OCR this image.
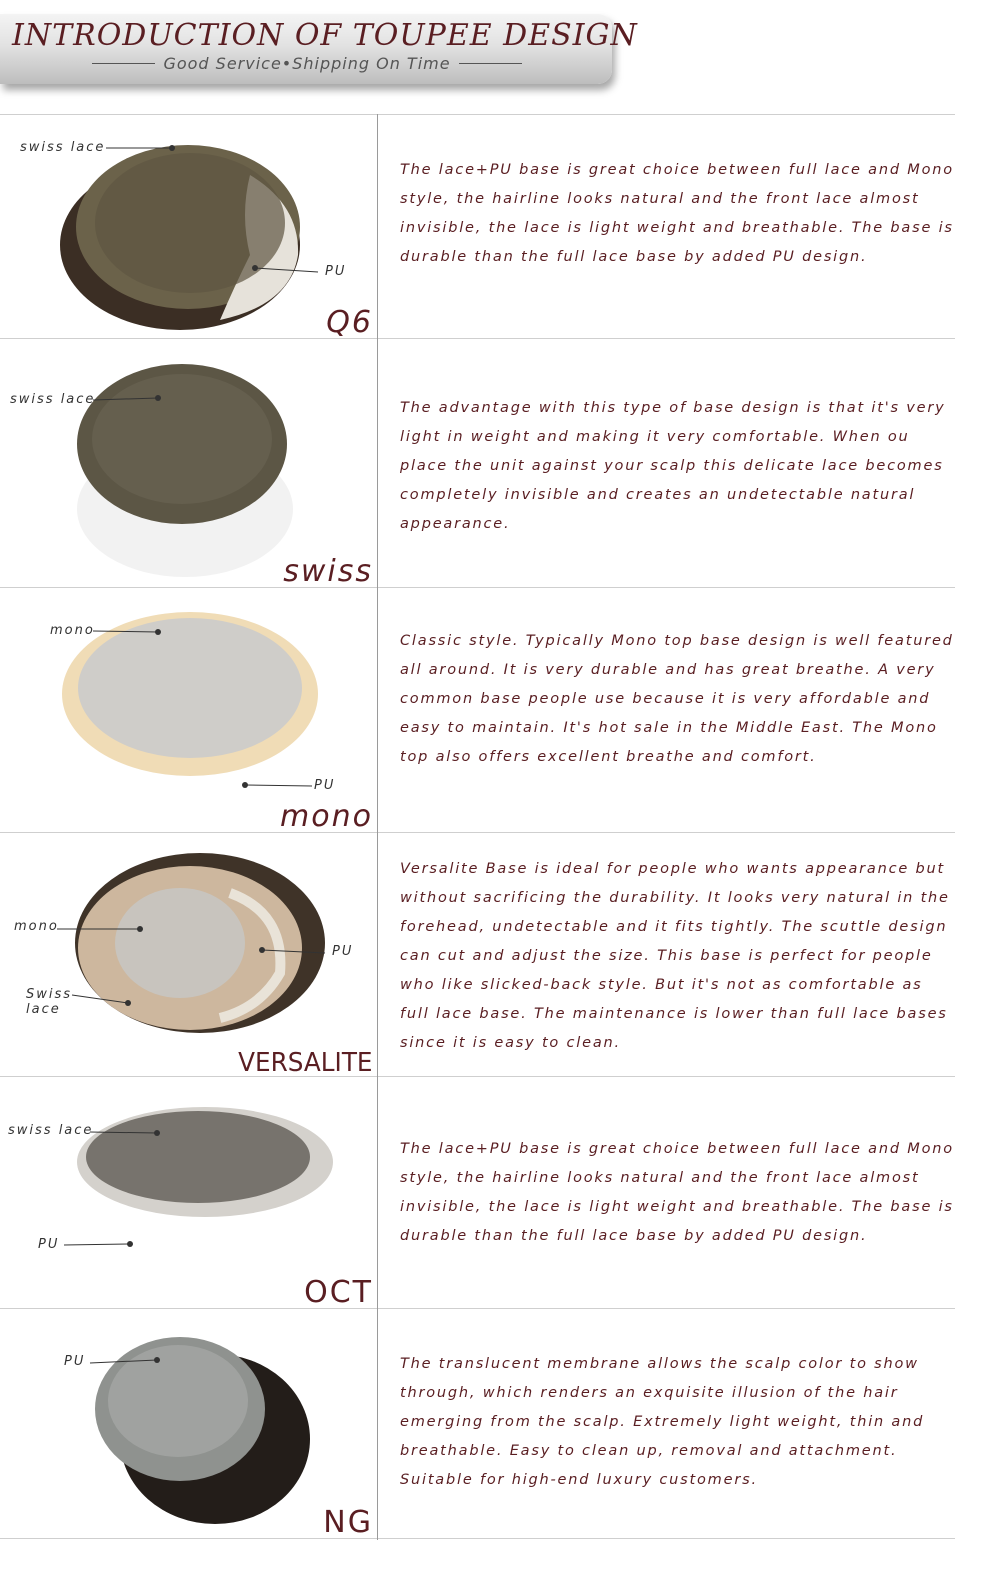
INTRODUCTION OF TOUPEE DESIGN
Good Service•Shipping On Time
swiss lace
PU
Q6

The lace+PU base is great choice between full lace and Mono style, the hairline looks natural and the front lace almost invisible, the lace is light weight and breathable. The base is durable than the full lace base by added PU design.

swiss lace
swiss

The advantage with this type of base design is that it's very light in weight and making it very comfortable. When ou place the unit against your scalp this delicate lace becomes completely invisible and creates an undetectable natural appearance.

mono
PU
mono

Classic style. Typically Mono top base design is well featured all around. It is very durable and has great breathe. A very common base people use because it is very affordable and easy to maintain. It's hot sale in the Middle East. The Mono top also offers excellent breathe and comfort.

mono
PU
Swiss lace
VERSALITE

Versalite Base is ideal for people who wants appearance but without sacrificing the durability. It looks very natural in the forehead, undetectable and it fits tightly. The scuttle design can cut and adjust the size. This base is perfect for people who like slicked-back style. But it's not as comfortable as full lace base. The maintenance is lower than full lace bases since it is easy to clean.

swiss lace
PU
OCT

The lace+PU base is great choice between full lace and Mono style, the hairline looks natural and the front lace almost invisible, the lace is light weight and breathable. The base is durable than the full lace base by added PU design.

PU
NG

The translucent membrane allows the scalp color to show through, which renders an exquisite illusion of the hair emerging from the scalp. Extremely light weight, thin and breathable. Easy to clean up, removal and attachment. Suitable for high-end luxury customers.
